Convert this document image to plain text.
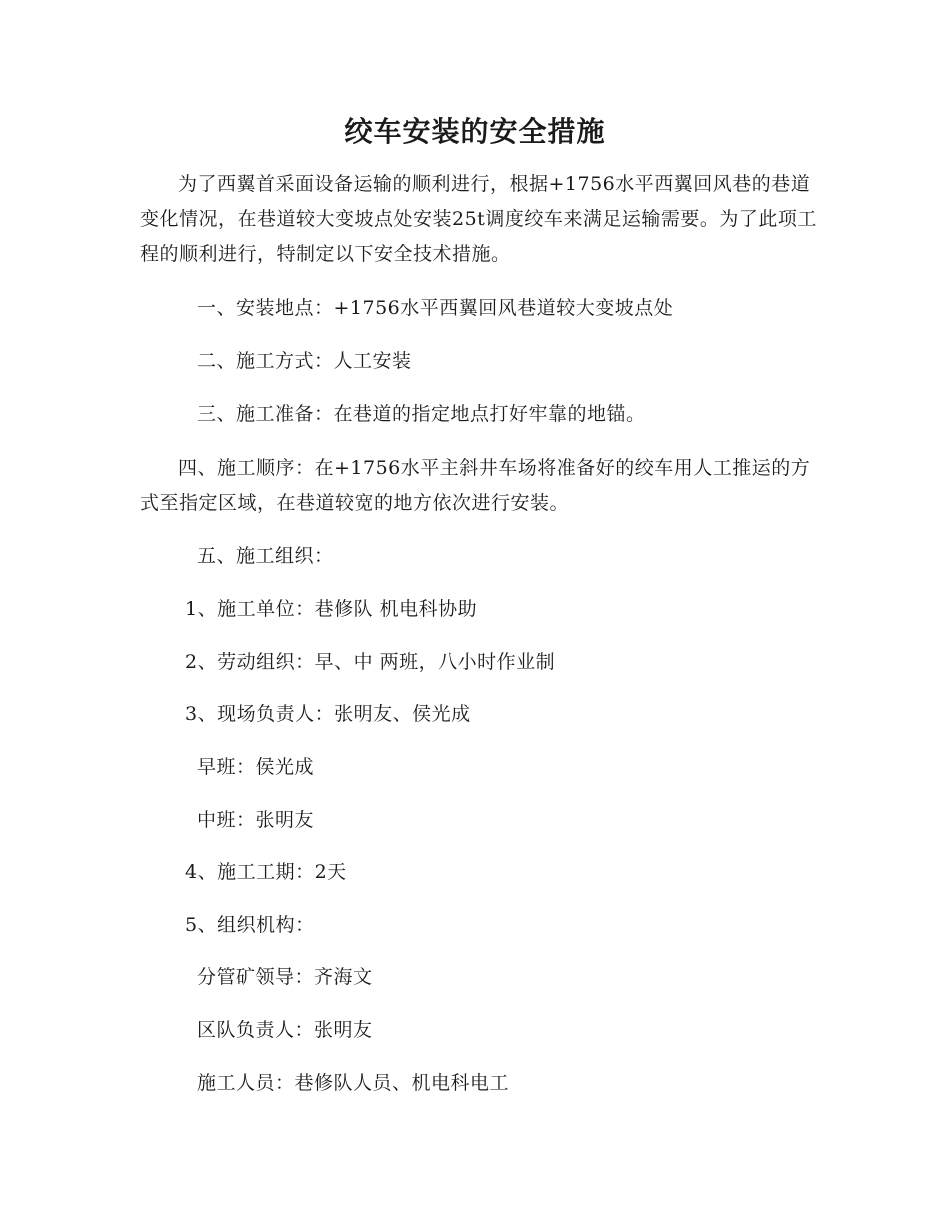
绞车安装的安全措施

为了西翼首采面设备运输的顺利进行，根据+1756水平西翼回风巷的巷道变化情况，在巷道较大变坡点处安装25t调度绞车来满足运输需要。为了此项工程的顺利进行，特制定以下安全技术措施。

一、安装地点：+1756水平西翼回风巷道较大变坡点处

二、施工方式：人工安装

三、施工准备：在巷道的指定地点打好牢靠的地锚。

四、施工顺序：在+1756水平主斜井车场将准备好的绞车用人工推运的方式至指定区域，在巷道较宽的地方依次进行安装。

五、施工组织：

1、施工单位：巷修队 机电科协助

2、劳动组织：早、中 两班，八小时作业制

3、现场负责人：张明友、侯光成

早班：侯光成

中班：张明友

4、施工工期：2天

5、组织机构：

分管矿领导：齐海文

区队负责人：张明友

施工人员：巷修队人员、机电科电工
